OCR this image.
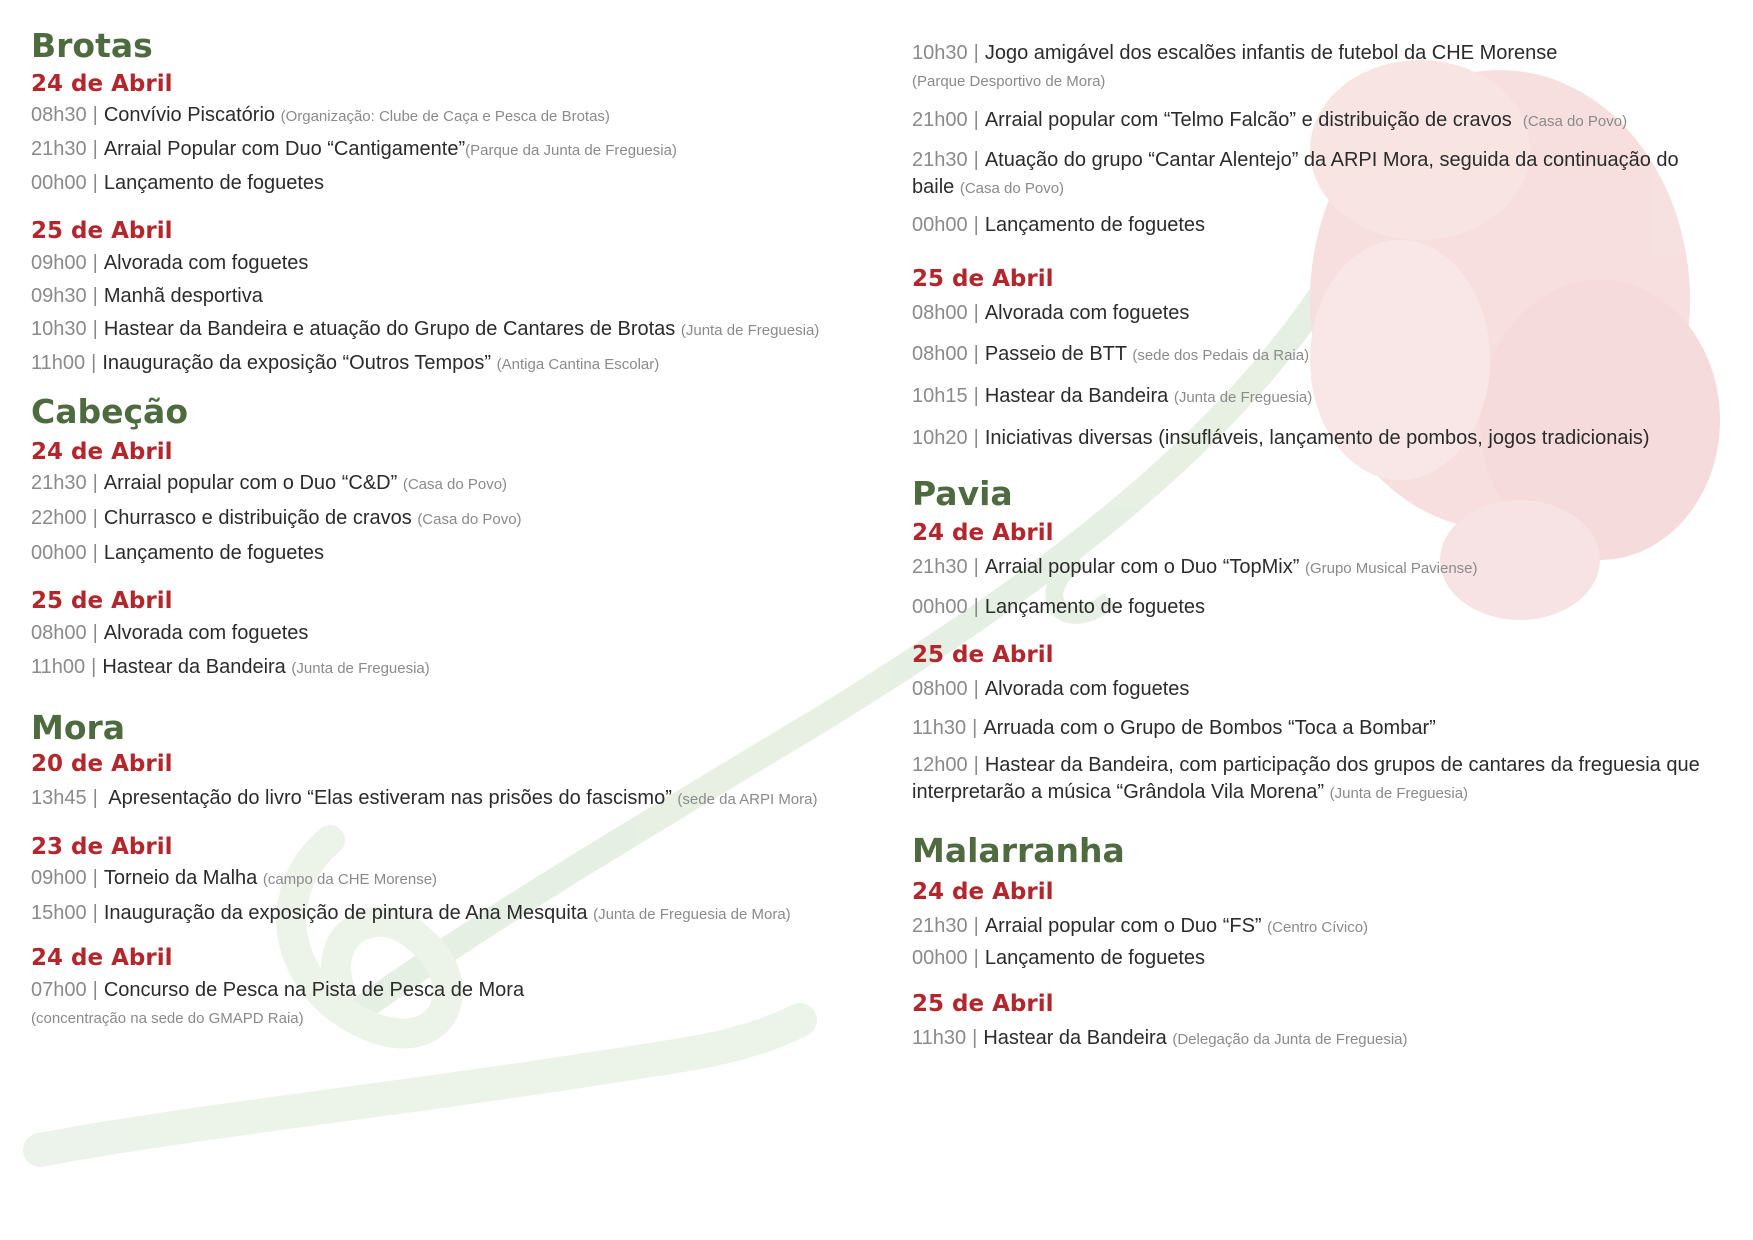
Brotas
24 de Abril
08h30 | Convívio Piscatório (Organização: Clube de Caça e Pesca de Brotas)
21h30 | Arraial Popular com Duo “Cantigamente”(Parque da Junta de Freguesia)
00h00 | Lançamento de foguetes
25 de Abril
09h00 | Alvorada com foguetes
09h30 | Manhã desportiva
10h30 | Hastear da Bandeira e atuação do Grupo de Cantares de Brotas (Junta de Freguesia)
11h00 | Inauguração da exposição “Outros Tempos” (Antiga Cantina Escolar)
Cabeção
24 de Abril
21h30 | Arraial popular com o Duo “C&D” (Casa do Povo)
22h00 | Churrasco e distribuição de cravos (Casa do Povo)
00h00 | Lançamento de foguetes
25 de Abril
08h00 | Alvorada com foguetes
11h00 | Hastear da Bandeira (Junta de Freguesia)
Mora
20 de Abril
13h45 | Apresentação do livro “Elas estiveram nas prisões do fascismo” (sede da ARPI Mora)
23 de Abril
09h00 | Torneio da Malha (campo da CHE Morense)
15h00 | Inauguração da exposição de pintura de Ana Mesquita (Junta de Freguesia de Mora)
24 de Abril
07h00 | Concurso de Pesca na Pista de Pesca de Mora
(concentração na sede do GMAPD Raia)
10h30 | Jogo amigável dos escalões infantis de futebol da CHE Morense
(Parque Desportivo de Mora)
21h00 | Arraial popular com “Telmo Falcão” e distribuição de cravos (Casa do Povo)
21h30 | Atuação do grupo “Cantar Alentejo” da ARPI Mora, seguida da continuação do baile (Casa do Povo)
00h00 | Lançamento de foguetes
25 de Abril
08h00 | Alvorada com foguetes
08h00 | Passeio de BTT (sede dos Pedais da Raia)
10h15 | Hastear da Bandeira (Junta de Freguesia)
10h20 | Iniciativas diversas (insufláveis, lançamento de pombos, jogos tradicionais)
Pavia
24 de Abril
21h30 | Arraial popular com o Duo “TopMix” (Grupo Musical Paviense)
00h00 | Lançamento de foguetes
25 de Abril
08h00 | Alvorada com foguetes
11h30 | Arruada com o Grupo de Bombos “Toca a Bombar”
12h00 | Hastear da Bandeira, com participação dos grupos de cantares da freguesia que interpretarão a música “Grândola Vila Morena” (Junta de Freguesia)
Malarranha
24 de Abril
21h30 | Arraial popular com o Duo “FS” (Centro Cívico)
00h00 | Lançamento de foguetes
25 de Abril
11h30 | Hastear da Bandeira (Delegação da Junta de Freguesia)
